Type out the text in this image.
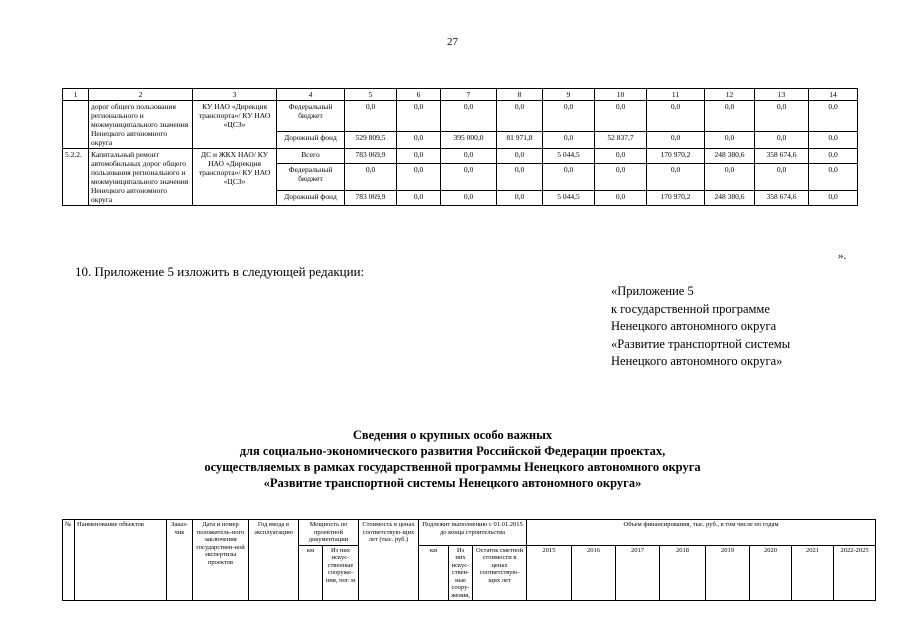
27
1	2	3	4	5	6	7	8	9	10	11	12	13	14
	дорог общего пользования регионального и межмуниципального значения Ненецкого автономного округа	КУ НАО «Дирекция транспорта»/ КУ НАО «ЦСЗ»	Федеральный бюджет	0,0	0,0	0,0	0,0	0,0	0,0	0,0	0,0	0,0	0,0
			Дорожный фонд	529 809,5	0,0	395 000,0	81 971,8	0,0	52 837,7	0,0	0,0	0,0	0,0
5.2.2.	Капитальный ремонт автомобильных дорог общего пользования регионального и межмуниципального значения Ненецкого автономного округа	ДС и ЖКХ НАО/ КУ НАО «Дирекция транспорта»/ КУ НАО «ЦСЗ»	Всего	783 069,9	0,0	0,0	0,0	5 044,5	0,0	170 970,2	248 380,6	358 674,6	0,0
			Федеральный бюджет	0,0	0,0	0,0	0,0	0,0	0,0	0,0	0,0	0,0	0,0
			Дорожный фонд	783 069,9	0,0	0,0	0,0	5 044,5	0,0	170 970,2	248 380,6	358 674,6	0,0
».
10. Приложение 5 изложить в следующей редакции:
«Приложение 5
к государственной программе
Ненецкого автономного округа
«Развитие транспортной системы
Ненецкого автономного округа»
Сведения о крупных особо важных
для социально-экономического развития Российской Федерации проектах,
осуществляемых в рамках государственной программы Ненецкого автономного округа
«Развитие транспортной системы Ненецкого автономного округа»
№	Наименование объектов	Заказ-чик	Дата и номер положитель-ного заключения государствен-ной экспертизы проектов	Год ввода в эксплуатацию	Мощность по проектной документации		Стоимость в ценах соответствую-щих лет (тыс. руб.)	Подлежит выполнению с 01.01.2015 до конца строительства			Объем финансирования, тыс. руб., в том числе по годам							
					км	Из них искус-ственные сооруже-ния, пог. м		км	Из них искус-ствен-ные соору-жения,	Остаток сметной стоимости в ценах соответствую-щих лет	2015	2016	2017	2018	2019	2020	2021	2022-2025
